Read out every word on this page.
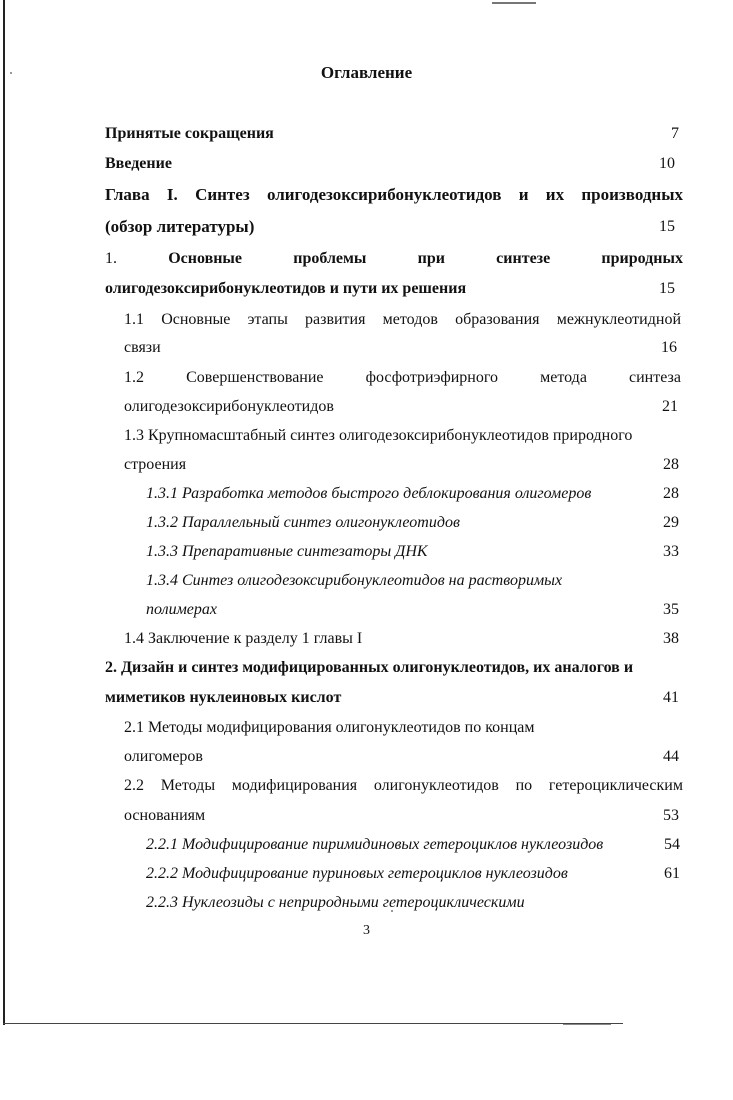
Оглавление
Принятые сокращения	7
Введение	10
Глава I. Синтез олигодезоксирибонуклеотидов и их производных
(обзор литературы)	15
1.	Основные	проблемы	при	синтезе	природных
олигодезоксирибонуклеотидов и пути их решения	15
1.1 Основные этапы развития методов образования межнуклеотидной
связи	16
1.2	Совершенствование	фосфотриэфирного	метода	синтеза
олигодезоксирибонуклеотидов	21
1.3 Крупномасштабный синтез олигодезоксирибонуклеотидов природного
строения	28
1.3.1 Разработка методов быстрого деблокирования олигомеров	28
1.3.2 Параллельный синтез олигонуклеотидов	29
1.3.3 Препаративные синтезаторы ДНК	33
1.3.4 Синтез олигодезоксирибонуклеотидов на растворимых
полимерах	35
1.4 Заключение к разделу 1 главы I	38
2. Дизайн и синтез модифицированных олигонуклеотидов, их аналогов и
миметиков нуклеиновых кислот	41
2.1 Методы модифицирования олигонуклеотидов по концам
олигомеров	44
2.2 Методы модифицирования олигонуклеотидов по гетероциклическим
основаниям	53
2.2.1 Модифицирование пиримидиновых гетероциклов нуклеозидов	54
2.2.2 Модифицирование пуриновых гетероциклов нуклеозидов	61
2.2.3 Нуклеозиды с неприродными гетероциклическими
3
